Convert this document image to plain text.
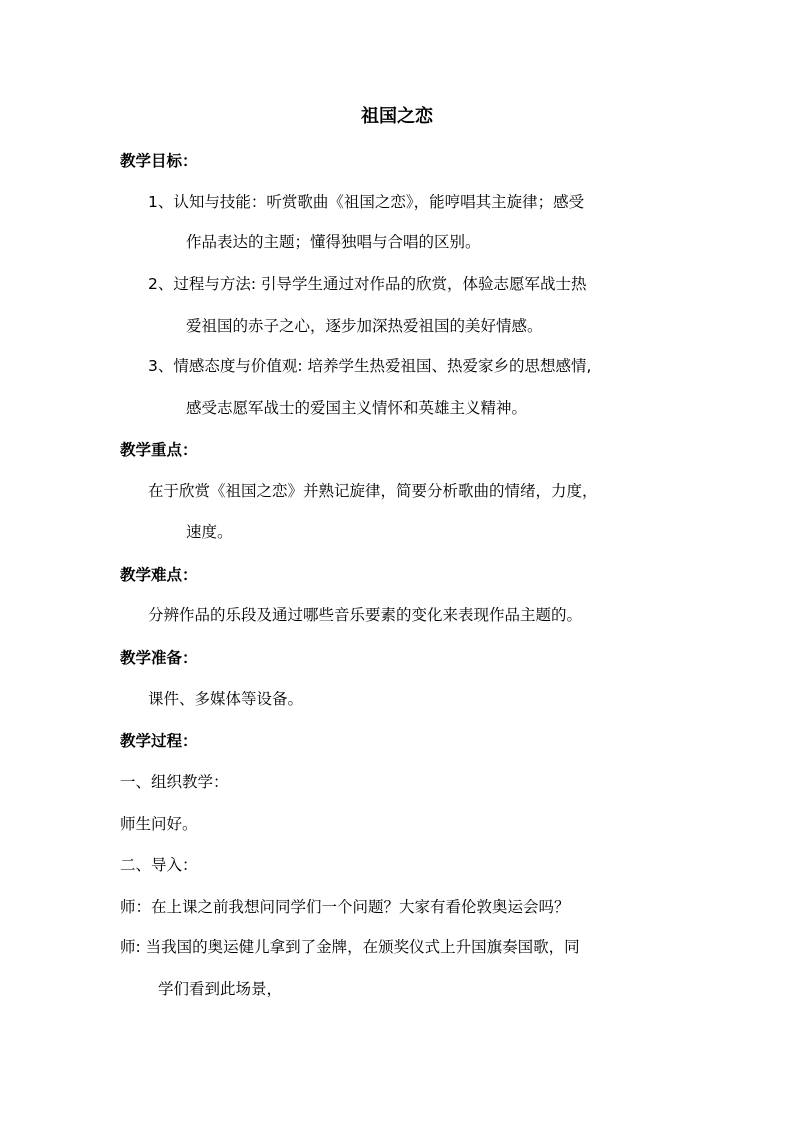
祖国之恋
教学目标：
1、认知与技能：听赏歌曲《祖国之恋》，能哼唱其主旋律；感受
作品表达的主题；懂得独唱与合唱的区别。
2、过程与方法: 引导学生通过对作品的欣赏，体验志愿军战士热
爱祖国的赤子之心，逐步加深热爱祖国的美好情感。
3、情感态度与价值观: 培养学生热爱祖国、热爱家乡的思想感情,
感受志愿军战士的爱国主义情怀和英雄主义精神。
教学重点：
在于欣赏《祖国之恋》并熟记旋律，简要分析歌曲的情绪，力度，
速度。
教学难点：
分辨作品的乐段及通过哪些音乐要素的变化来表现作品主题的。
教学准备：
课件、多媒体等设备。
教学过程：
一、组织教学：
师生问好。
二、导入：
师：在上课之前我想问同学们一个问题？大家有看伦敦奥运会吗？
师: 当我国的奥运健儿拿到了金牌，在颁奖仪式上升国旗奏国歌，同
学们看到此场景，
